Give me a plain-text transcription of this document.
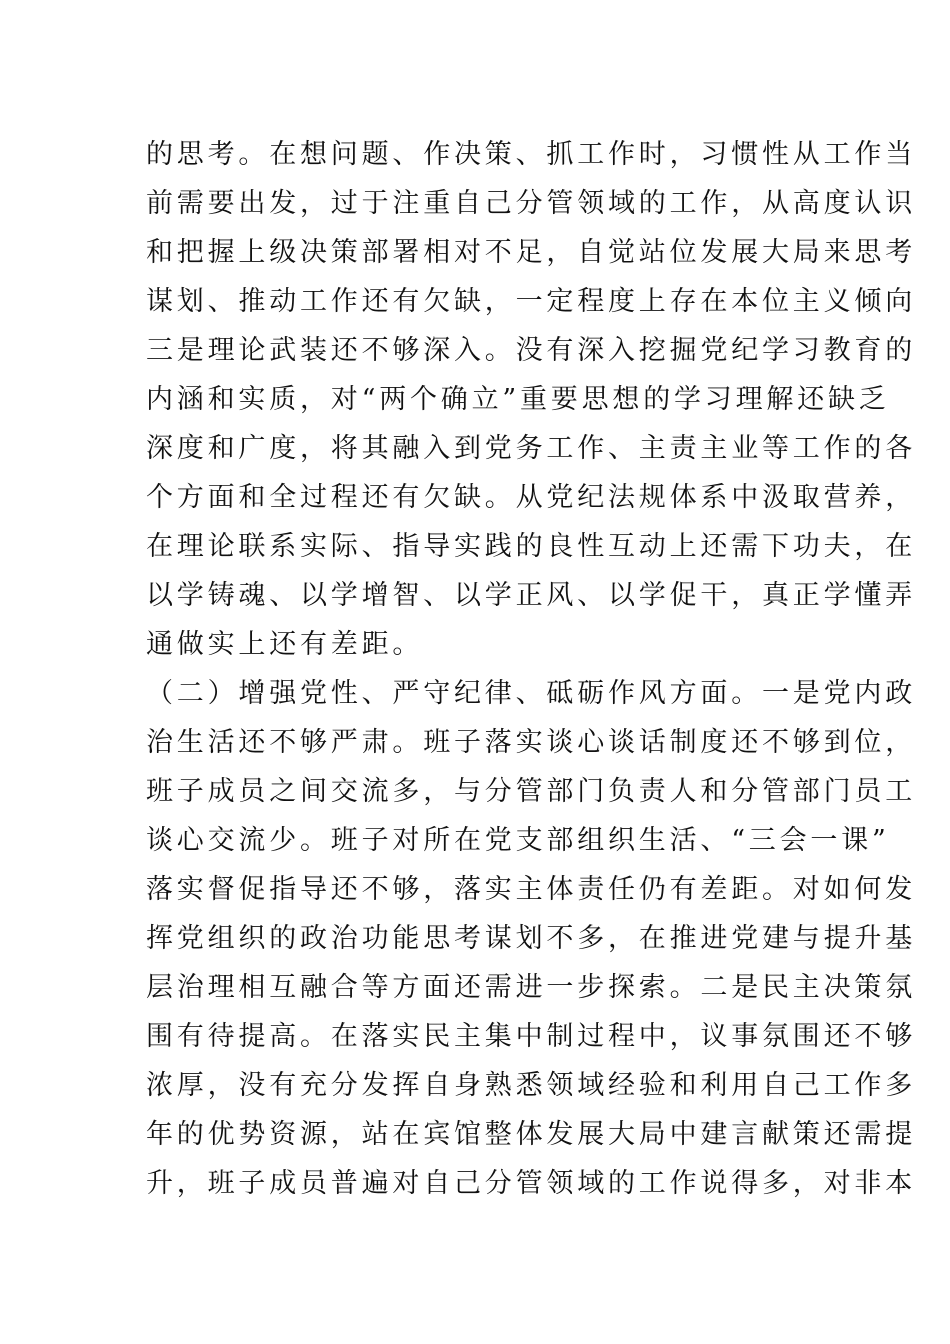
的思考。在想问题、作决策、抓工作时，习惯性从工作当
前需要出发，过于注重自己分管领域的工作，从高度认识
和把握上级决策部署相对不足，自觉站位发展大局来思考
谋划、推动工作还有欠缺，一定程度上存在本位主义倾向
三是理论武装还不够深入。没有深入挖掘党纪学习教育的
内涵和实质，对“两个确立”重要思想的学习理解还缺乏
深度和广度，将其融入到党务工作、主责主业等工作的各
个方面和全过程还有欠缺。从党纪法规体系中汲取营养，
在理论联系实际、指导实践的良性互动上还需下功夫，在
以学铸魂、以学增智、以学正风、以学促干，真正学懂弄
通做实上还有差距。
（二）增强党性、严守纪律、砥砺作风方面。一是党内政
治生活还不够严肃。班子落实谈心谈话制度还不够到位，
班子成员之间交流多，与分管部门负责人和分管部门员工
谈心交流少。班子对所在党支部组织生活、“三会一课”
落实督促指导还不够，落实主体责任仍有差距。对如何发
挥党组织的政治功能思考谋划不多，在推进党建与提升基
层治理相互融合等方面还需进一步探索。二是民主决策氛
围有待提高。在落实民主集中制过程中，议事氛围还不够
浓厚，没有充分发挥自身熟悉领域经验和利用自己工作多
年的优势资源，站在宾馆整体发展大局中建言献策还需提
升，班子成员普遍对自己分管领域的工作说得多，对非本
